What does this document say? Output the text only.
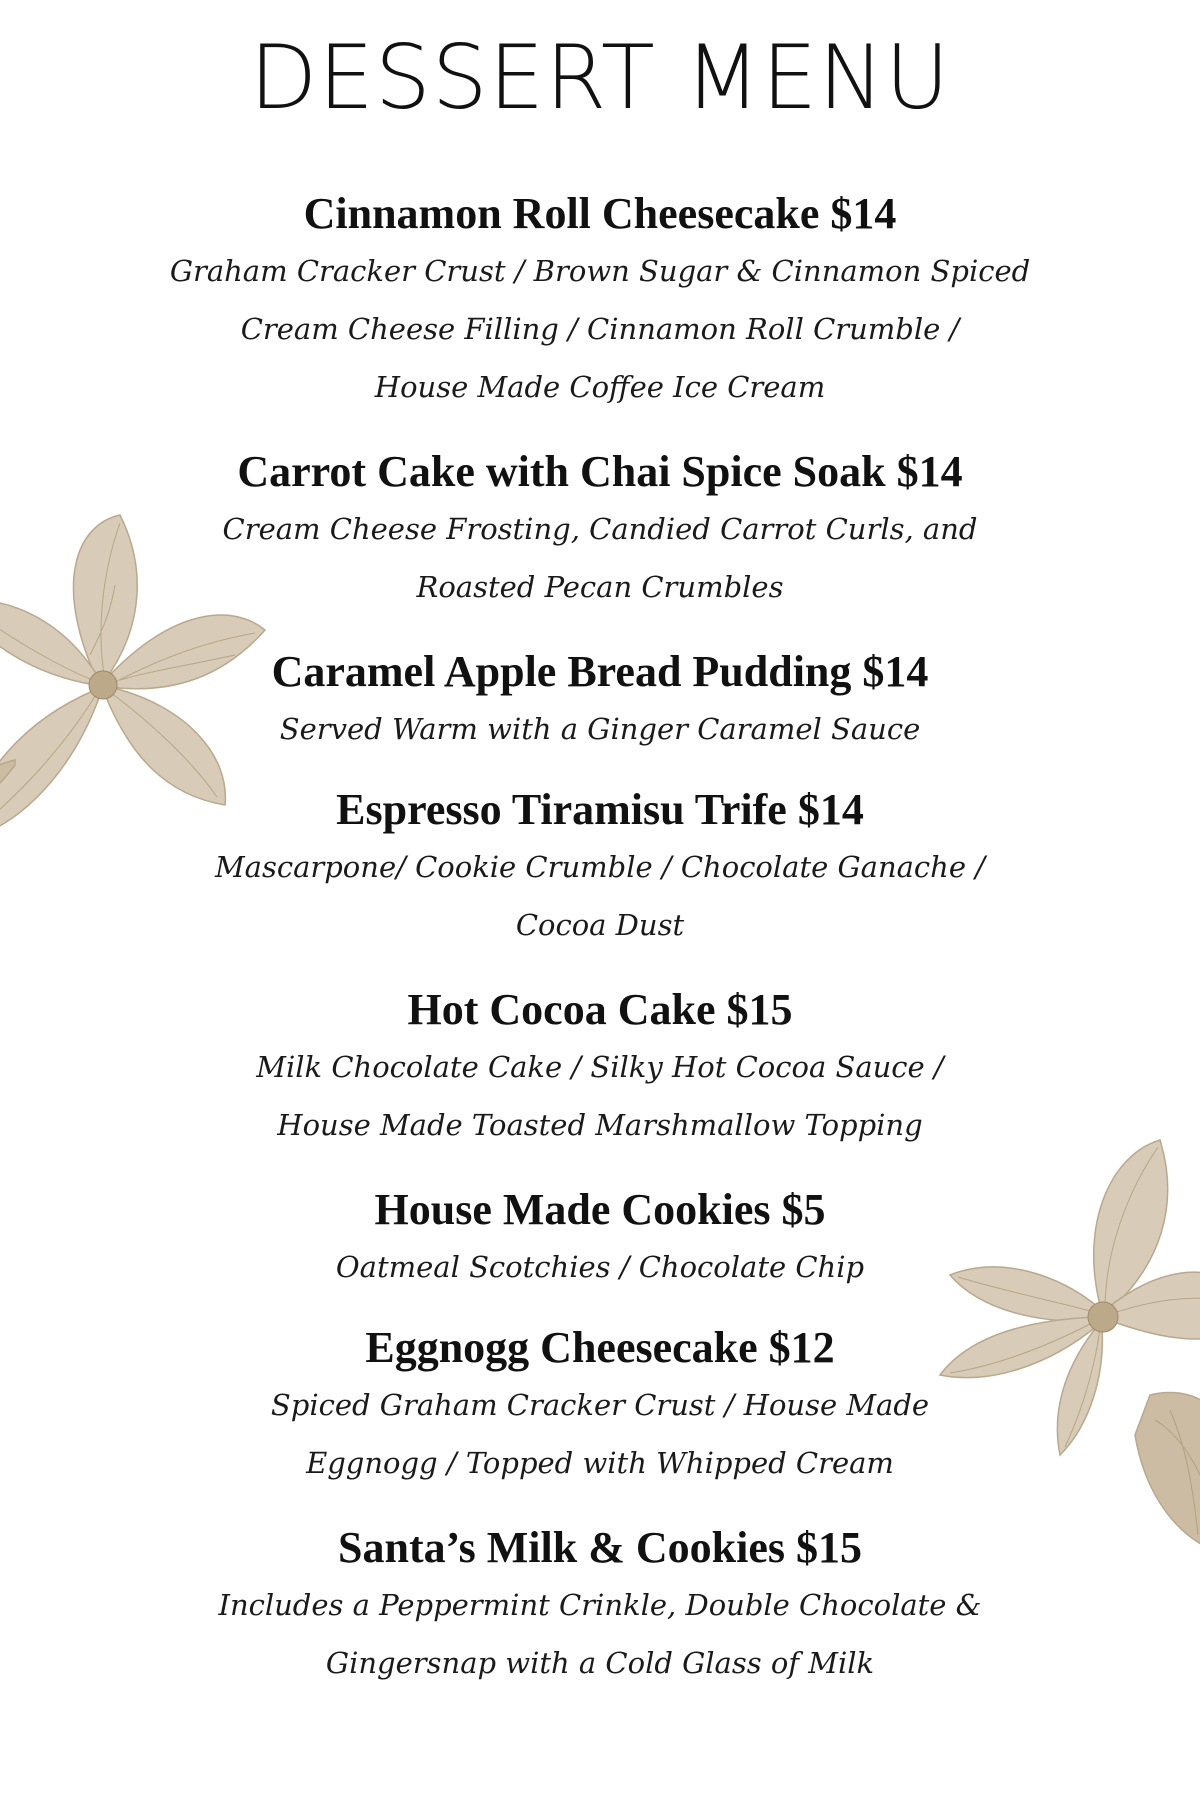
DESSERT MENU

Cinnamon Roll Cheesecake $14

Graham Cracker Crust / Brown Sugar & Cinnamon Spiced

Cream Cheese Filling / Cinnamon Roll Crumble /

House Made Coffee Ice Cream

Carrot Cake with Chai Spice Soak $14

Cream Cheese Frosting, Candied Carrot Curls, and

Roasted Pecan Crumbles

Caramel Apple Bread Pudding $14

Served Warm with a Ginger Caramel Sauce

Espresso Tiramisu Trife $14

Mascarpone/ Cookie Crumble / Chocolate Ganache /

Cocoa Dust

Hot Cocoa Cake $15

Milk Chocolate Cake / Silky Hot Cocoa Sauce /

House Made Toasted Marshmallow Topping

House Made Cookies $5

Oatmeal Scotchies / Chocolate Chip

Eggnogg Cheesecake $12

Spiced Graham Cracker Crust / House Made

Eggnogg / Topped with Whipped Cream

Santa’s Milk & Cookies $15

Includes a Peppermint Crinkle, Double Chocolate &

Gingersnap with a Cold Glass of Milk
